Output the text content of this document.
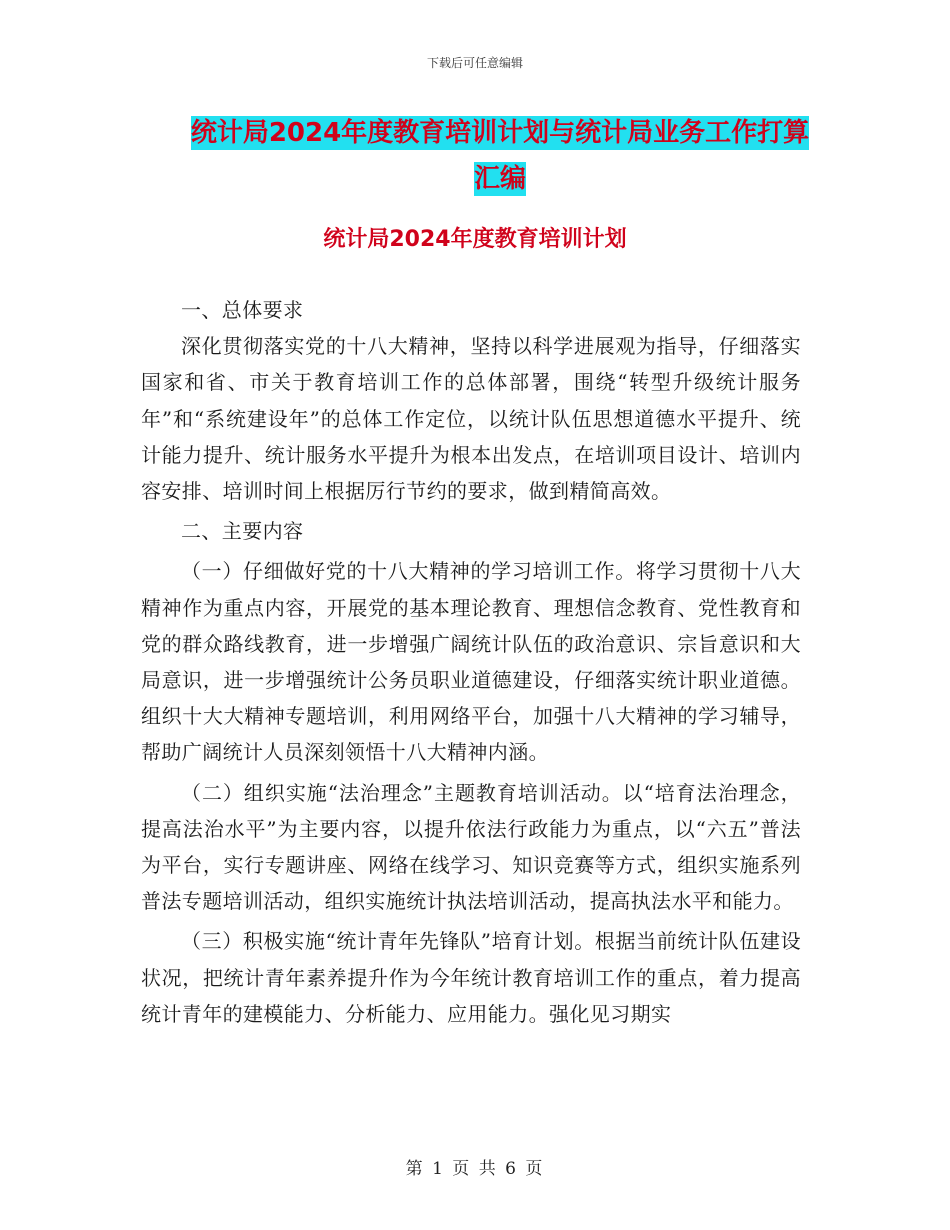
下载后可任意编辑
统计局2024年度教育培训计划与统计局业务工作打算
汇编
统计局2024年度教育培训计划

一、总体要求

深化贯彻落实党的十八大精神，坚持以科学进展观为指导，仔细落实国家和省、市关于教育培训工作的总体部署，围绕“转型升级统计服务年”和“系统建设年”的总体工作定位，以统计队伍思想道德水平提升、统计能力提升、统计服务水平提升为根本出发点，在培训项目设计、培训内容安排、培训时间上根据厉行节约的要求，做到精简高效。

二、主要内容

（一）仔细做好党的十八大精神的学习培训工作。将学习贯彻十八大精神作为重点内容，开展党的基本理论教育、理想信念教育、党性教育和党的群众路线教育，进一步增强广阔统计队伍的政治意识、宗旨意识和大局意识，进一步增强统计公务员职业道德建设，仔细落实统计职业道德。组织十大大精神专题培训，利用网络平台，加强十八大精神的学习辅导，帮助广阔统计人员深刻领悟十八大精神内涵。

（二）组织实施“法治理念”主题教育培训活动。以“培育法治理念，提高法治水平”为主要内容，以提升依法行政能力为重点，以“六五”普法为平台，实行专题讲座、网络在线学习、知识竞赛等方式，组织实施系列普法专题培训活动，组织实施统计执法培训活动，提高执法水平和能力。

（三）积极实施“统计青年先锋队”培育计划。根据当前统计队伍建设状况，把统计青年素养提升作为今年统计教育培训工作的重点，着力提高统计青年的建模能力、分析能力、应用能力。强化见习期实

第 1 页 共 6 页
